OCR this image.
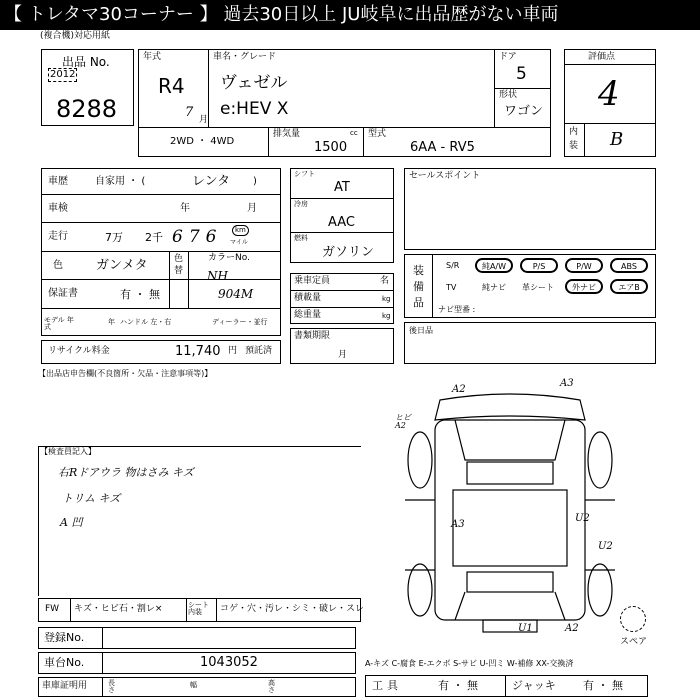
【 トレタマ30コーナー 】 過去30日以上 JU岐阜に出品歴がない車両
(複合機)対応用紙
出品 No.
2012
8288
年式
R4
7 月
車名・グレード
ヴェゼル
e:HEV X
ドア
5
形状
ワゴン
2WD ・ 4WD
排気量
1500
cc 型式
6AA - RV5
評価点
4
内
装 B
車歴	自家用 ・ (	レンタ )
車検	年	月
走行	7万 2千 676	km
マイル
色	ガンメタ	色
替
カラーNo.
NH
904M
保証書	有 ・ 無
モデル 年式
年 ハンドル 左・右	ディーラー・並行
リサイクル料金	11,740 円 預託済
シフト
AT
冷房
AAC
燃料
ガソリン
乗車定員	名
積載量	kg
総重量	kg
書類期限
月
セールスポイント
装
備
品
S/R	純A/W	P/S	P/W	ABS
TV	純ナビ 革シート	外ナビ	エアB
ナビ型番 :
後日品
【出品店申告欄(不良箇所・欠品・注意事項等)】
【検査員記入】
右Rドアウラ 物はさみ キズ
トリム キズ
A 凹
A2
A3
ヒビ A2
A3
U2
U2
U1	A2
スペア
FW キズ・ヒビ石・割レ×	シート内装	コゲ・穴・汚レ・シミ・破レ・スレ
登録No.
車台No.	1043052
車庫証明用	長さ
幅	高さ
A-キズ C-腐食 E-エクボ S-サビ U-凹ミ W-補修 XX-交換済
工具	有 ・ 無	ジャッキ 有 ・ 無
